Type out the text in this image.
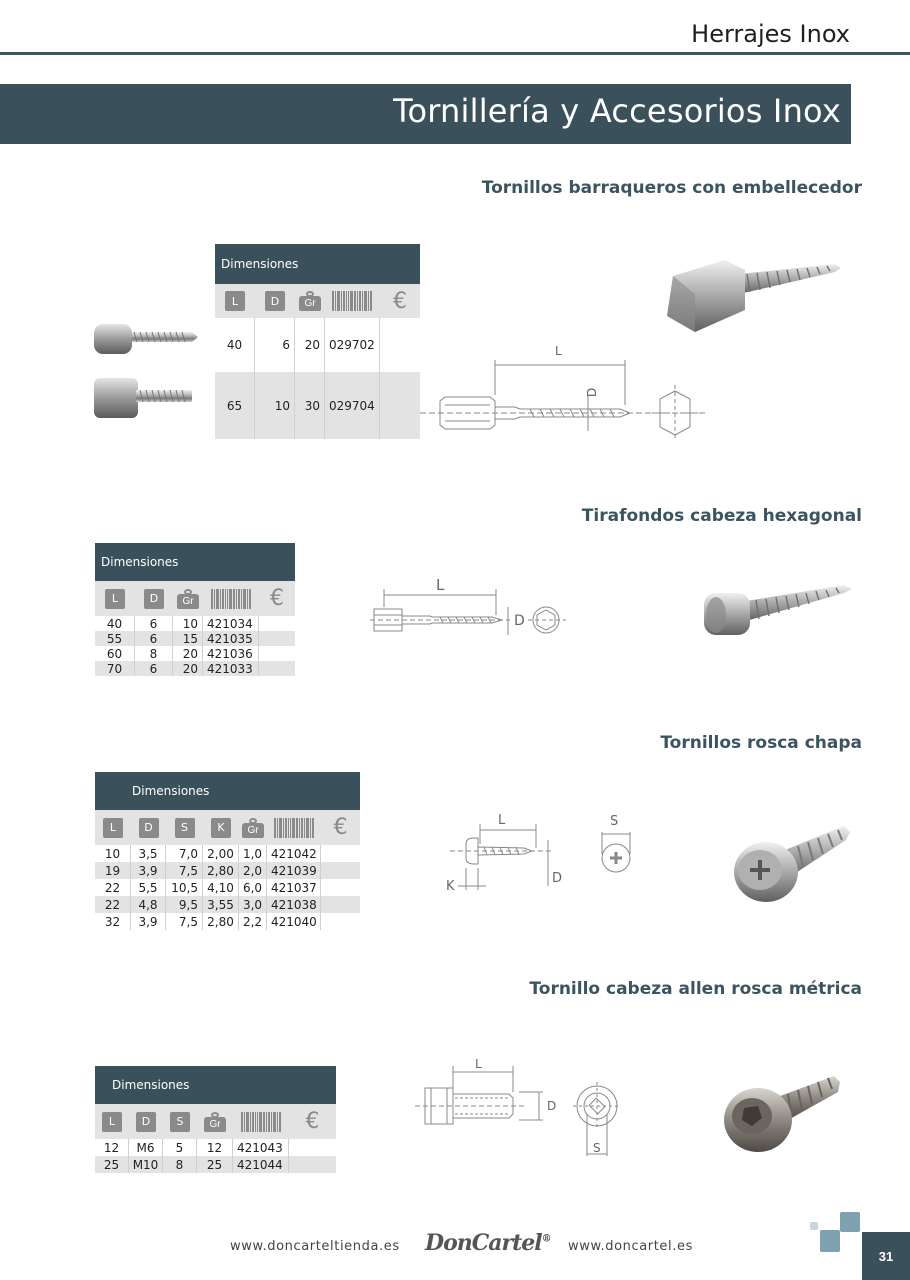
Herrajes Inox
Tornillería y Accesorios Inox
Tornillos barraqueros con embellecedor
Dimensiones
L	D	Gr	€
40	6	20 029702
65	10	30 029704
L
D
Tirafondos cabeza hexagonal
Dimensiones
L	D	Gr	€
40	6	10 421034
55	6	15 421035
60	8	20 421036
70	6	20 421033
L
D
Tornillos rosca chapa
Dimensiones
L	D	S	K	Gr	€
10	3,5	7,0 2,00 1,0 421042
19	3,9	7,5 2,80 2,0 421039
22	5,5	10,5 4,10 6,0 421037
22	4,8	9,5 3,55 3,0 421038
32	3,9	7,5 2,80 2,2 421040
L	S
K
D
Tornillo cabeza allen rosca métrica
Dimensiones
L	D	S	Gr	€
12	M6	5	12	421043
25	M10	8	25	421044
L
D
S
www.doncarteltienda.es DonCartel® www.doncartel.es
31
